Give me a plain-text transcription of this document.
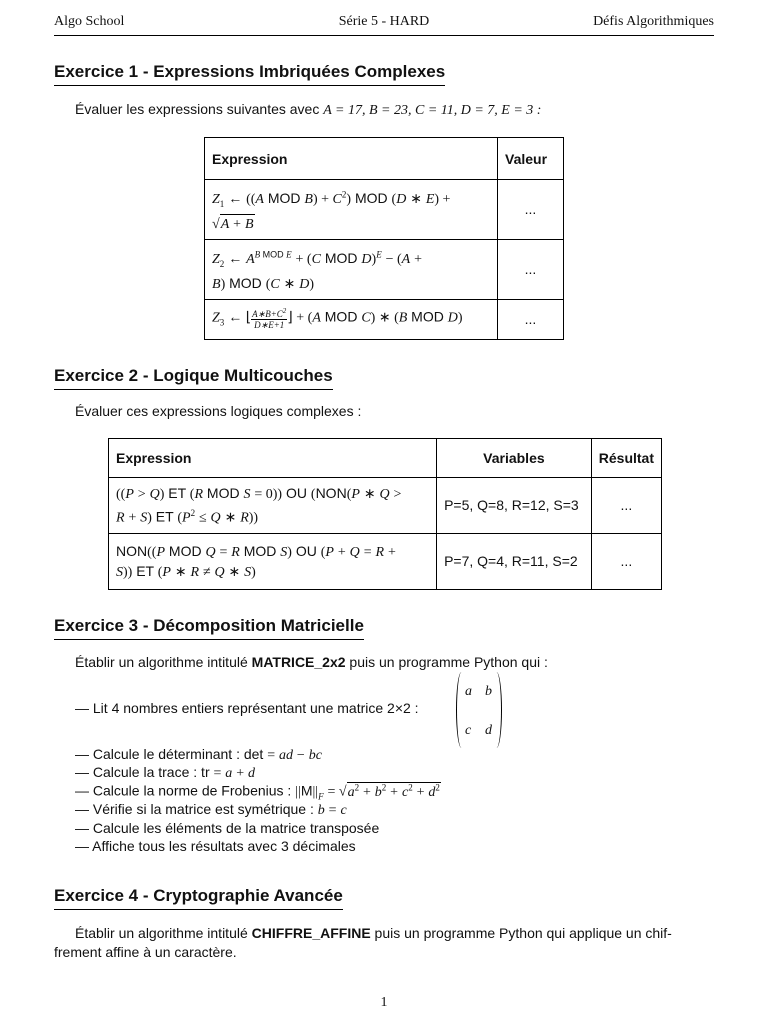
Algo School	Série 5 - HARD	Défis Algorithmiques
Exercice 1 - Expressions Imbriquées Complexes
Évaluer les expressions suivantes avec A = 17, B = 23, C = 11, D = 7, E = 3 :
Expression	Valeur
$Z_1$ ← ((A MOD $B) + C^2$) MOD (D ∗ E) +
√A + B	...
$Z_2$ ← $A^{B MOD E} + (C$ MOD D)$^E$ − (A +
B) MOD (C ∗ D)	...
$Z_3$ ← ⌊ $\frac{A∗B+C^2}{D∗E+1}$ ⌋ + (A MOD C) ∗ (B MOD D)	...
Exercice 2 - Logique Multicouches
Évaluer ces expressions logiques complexes :
Expression	Variables	Résultat
((P > Q) ET (R MOD S = 0)) OU (NON(P ∗ Q >
R + S) ET ($P^2 \le Q$ ∗ R))	P=5, Q=8, R=12, S=3	...
NON((P MOD Q = R MOD S) OU (P + Q = R +
S)) ET (P ∗ R ≠ Q ∗ S)	P=7, Q=4, R=11, S=2	...
Exercice 3 - Décomposition Matricielle
Établir un algorithme intitulé MATRICE_2x2 puis un programme Python qui :
— Lit 4 nombres entiers représentant une matrice 2×2 :
a b
c d
— Calcule le déterminant : det = ad − bc
— Calcule la trace : tr = a + d
— Calcule la norme de Frobenius : $||M||_F = √a^2 + b^2 + c^2 + d^2$
— Vérifie si la matrice est symétrique : b = c
— Calcule les éléments de la matrice transposée
— Affiche tous les résultats avec 3 décimales
Exercice 4 - Cryptographie Avancée
Établir un algorithme intitulé CHIFFRE_AFFINE puis un programme Python qui applique un chif-
frement affine à un caractère.
1
